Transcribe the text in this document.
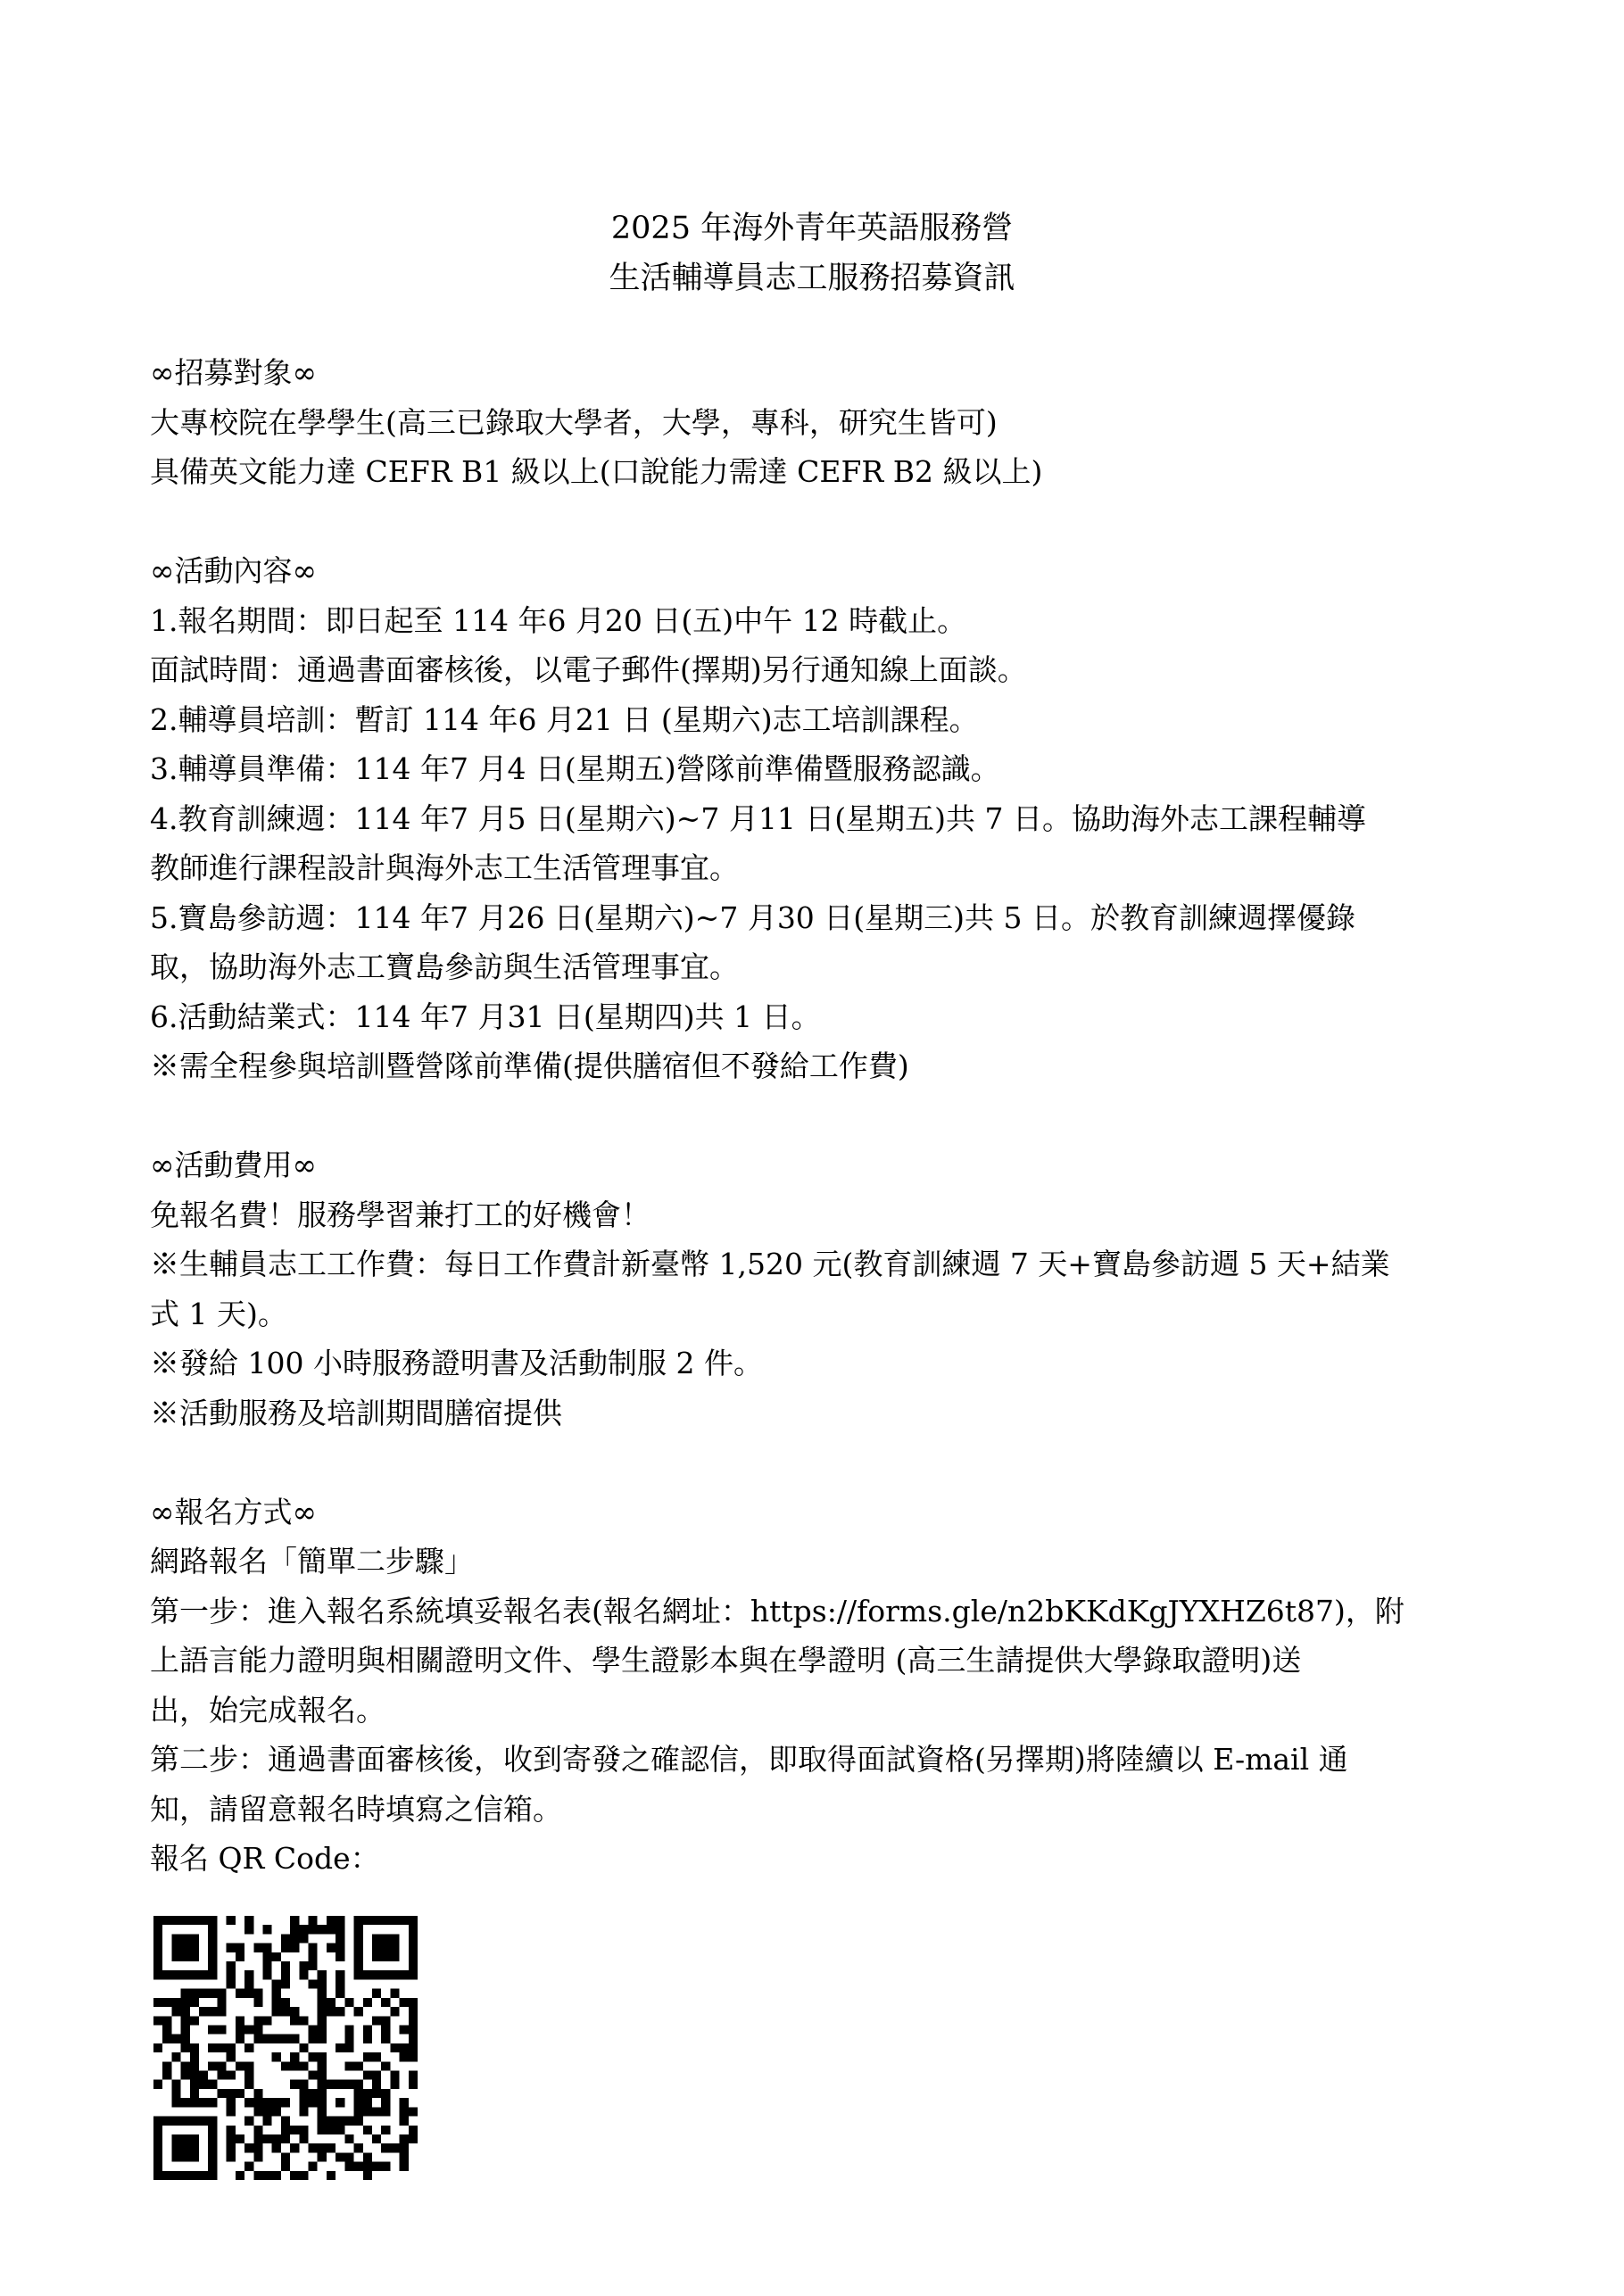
2025 年海外青年英語服務營
生活輔導員志工服務招募資訊
∞招募對象∞
大專校院在學學生(高三已錄取大學者，大學，專科，研究生皆可)
具備英文能力達 CEFR B1 級以上(口說能力需達 CEFR B2 級以上)
∞活動內容∞
1.報名期間：即日起至 114 年6 月20 日(五)中午 12 時截止。
面試時間：通過書面審核後，以電子郵件(擇期)另行通知線上面談。
2.輔導員培訓：暫訂 114 年6 月21 日 (星期六)志工培訓課程。
3.輔導員準備：114 年7 月4 日(星期五)營隊前準備暨服務認識。
4.教育訓練週：114 年7 月5 日(星期六)~7 月11 日(星期五)共 7 日。協助海外志工課程輔導
教師進行課程設計與海外志工生活管理事宜。
5.寶島參訪週：114 年7 月26 日(星期六)~7 月30 日(星期三)共 5 日。於教育訓練週擇優錄
取，協助海外志工寶島參訪與生活管理事宜。
6.活動結業式：114 年7 月31 日(星期四)共 1 日。
※需全程參與培訓暨營隊前準備(提供膳宿但不發給工作費)
∞活動費用∞
免報名費！服務學習兼打工的好機會！
※生輔員志工工作費：每日工作費計新臺幣 1,520 元(教育訓練週 7 天+寶島參訪週 5 天+結業
式 1 天)。
※發給 100 小時服務證明書及活動制服 2 件。
※活動服務及培訓期間膳宿提供
∞報名方式∞
網路報名「簡單二步驟」
第一步：進入報名系統填妥報名表(報名網址：https://forms.gle/n2bKKdKgJYXHZ6t87)，附
上語言能力證明與相關證明文件、學生證影本與在學證明 (高三生請提供大學錄取證明)送
出，始完成報名。
第二步：通過書面審核後，收到寄發之確認信，即取得面試資格(另擇期)將陸續以 E-mail 通
知，請留意報名時填寫之信箱。
報名 QR Code：
